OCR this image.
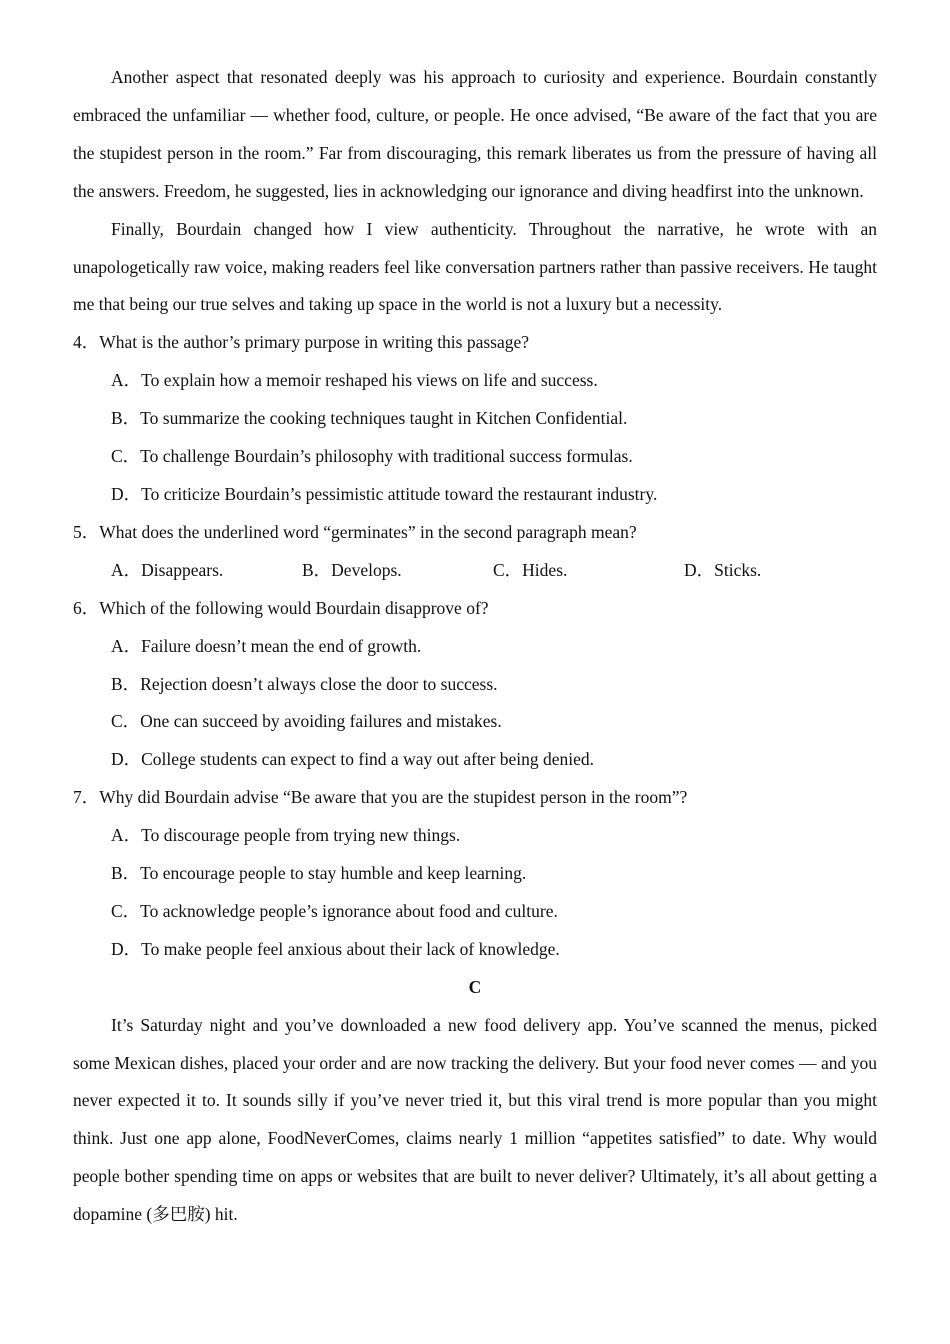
Another aspect that resonated deeply was his approach to curiosity and experience. Bourdain constantly embraced the unfamiliar — whether food, culture, or people. He once advised, “Be aware of the fact that you are the stupidest person in the room.” Far from discouraging, this remark liberates us from the pressure of having all the answers. Freedom, he suggested, lies in acknowledging our ignorance and diving headfirst into the unknown.

Finally, Bourdain changed how I view authenticity. Throughout the narrative, he wrote with an unapologetically raw voice, making readers feel like conversation partners rather than passive receivers. He taught me that being our true selves and taking up space in the world is not a luxury but a necessity.

4．What is the author’s primary purpose in writing this passage?

A．To explain how a memoir reshaped his views on life and success.

B．To summarize the cooking techniques taught in Kitchen Confidential.

C．To challenge Bourdain’s philosophy with traditional success formulas.

D．To criticize Bourdain’s pessimistic attitude toward the restaurant industry.

5．What does the underlined word “germinates” in the second paragraph mean?

A．Disappears.	B．Develops.	C．Hides.	D．Sticks.

6．Which of the following would Bourdain disapprove of?

A．Failure doesn’t mean the end of growth.

B．Rejection doesn’t always close the door to success.

C．One can succeed by avoiding failures and mistakes.

D．College students can expect to find a way out after being denied.

7．Why did Bourdain advise “Be aware that you are the stupidest person in the room”?

A．To discourage people from trying new things.

B．To encourage people to stay humble and keep learning.

C．To acknowledge people’s ignorance about food and culture.

D．To make people feel anxious about their lack of knowledge.

C

It’s Saturday night and you’ve downloaded a new food delivery app. You’ve scanned the menus, picked some Mexican dishes, placed your order and are now tracking the delivery. But your food never comes — and you never expected it to. It sounds silly if you’ve never tried it, but this viral trend is more popular than you might think. Just one app alone, FoodNeverComes, claims nearly 1 million “appetites satisfied” to date. Why would people bother spending time on apps or websites that are built to never deliver? Ultimately, it’s all about getting a dopamine (多巴胺) hit.
